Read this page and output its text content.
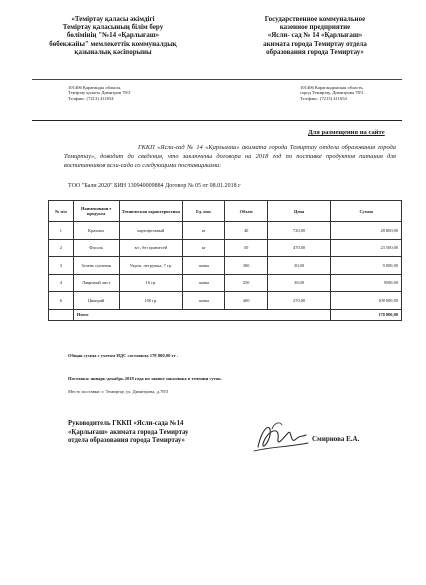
«Теміртау қаласы әкімдігі
Теміртау қаласының білім беру
бөлімінің "№14 «Қарлығаш»
бөбекжайы" мемлекеттік коммуналдық
қазыналық кәсіпорыны
Государственное коммунальное
казенное предприятие
«Ясли- сад № 14 «Қарлығаш»
акимата города Темиртау отдела
образования города Темиртау»
101406 Қарағанды облысы,
Теміртау қаласы Димитров 78/3
Телфакс: (7213) 411654
101406 Карагандинская область,
город Темиртау, Димитрова 78/3
Тел/факс: (7213) 411654
Для размещения на сайте

ГККП «Ясли-сад № 14 «Қарлығаш» акимата города Темиртау отдела образования города Темиртау», доводит до сведения, что заключены договора на 2018 год по поставке продуктов питания для воспитанников ясли-сада со следующими поставщиками:

ТОО "Бали 2020" БИН 130940009884 Договор № 05 от 08.01.2018 г
№ п/п	Наименовани е продукта	Техническая характеристика	Ед. изм.	Объем	Цена	Сумма
1	Крахмал	картофельный	кг	40	720,00	28 800,00
2	Фасоль	в/с, без примесей	кг	50	470,00	23 500,00
3	Зелень сушеная	Укроп, петрушка, 7 гр.	пачка	300	30,00	9 000,00
4	Лавровый лист	10 гр.	пачка	250	38,00	9500,00
6	Цикорий	100 гр.	пачка	400	270,00	108 000,00
	Итого					178 800,00
Общая сумма с учетом НДС составила 178 800,00 тг .
Поставка: январь-декабрь 2018 года по заявке заказчика в течении суток.
Место поставки: г. Темиртау, ул. Димитрова, д.78/3
Руководитель ГККП «Ясли-сада №14
«Қарлығаш» акимата города Темиртау
отдела образования города Темиртау»	Смирнова Е.А.
